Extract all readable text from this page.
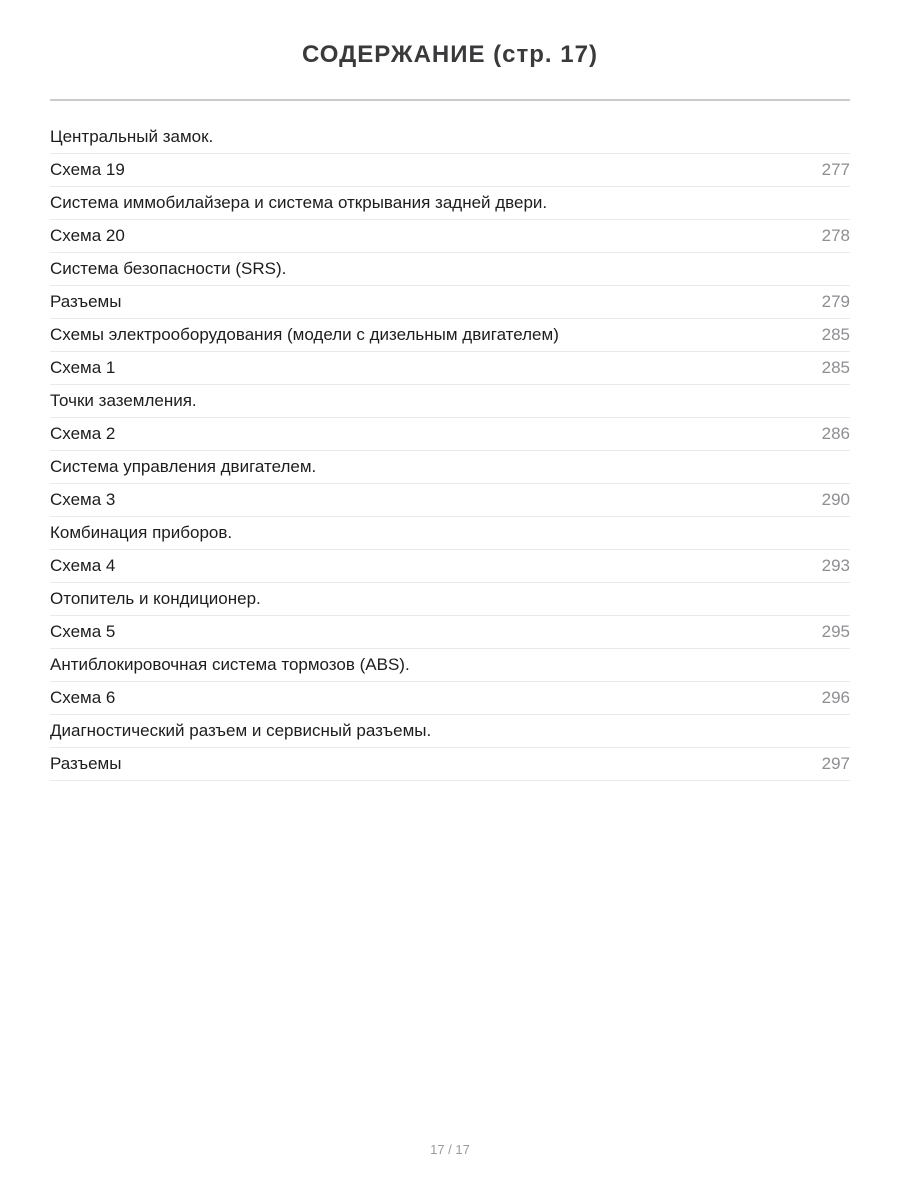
СОДЕРЖАНИЕ (стр. 17)
Центральный замок.
Схема 19	277
Система иммобилайзера и система открывания задней двери.
Схема 20	278
Система безопасности (SRS).
Разъемы	279
Схемы электрооборудования (модели с дизельным двигателем)	285
Схема 1	285
Точки заземления.
Схема 2	286
Система управления двигателем.
Схема 3	290
Комбинация приборов.
Схема 4	293
Отопитель и кондиционер.
Схема 5	295
Антиблокировочная система тормозов (ABS).
Схема 6	296
Диагностический разъем и сервисный разъемы.
Разъемы	297
17 / 17
